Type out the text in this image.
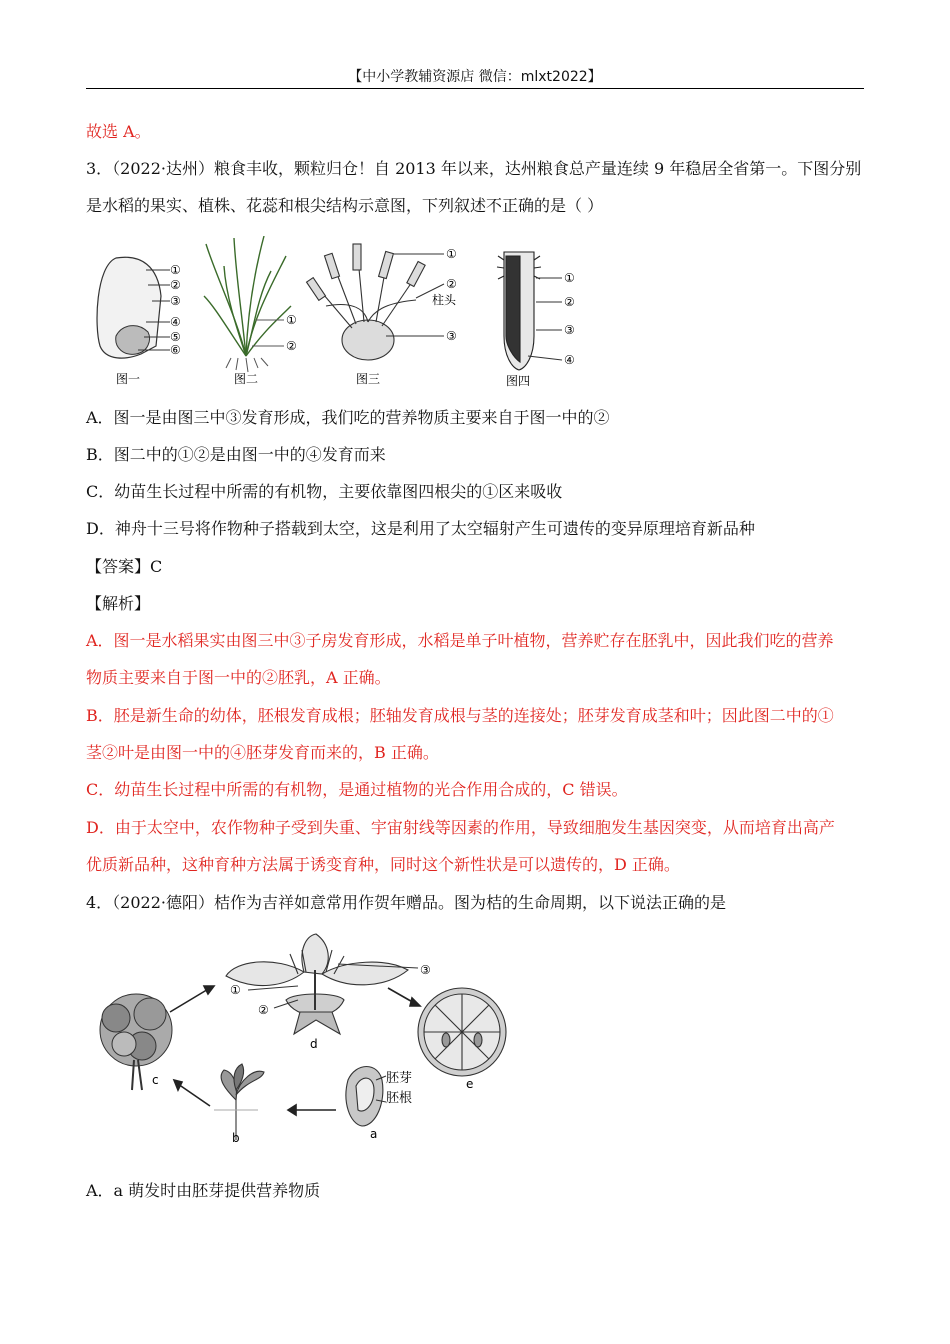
【中小学教辅资源店 微信：mlxt2022】
故选 A。
3．（2022·达州）粮食丰收，颗粒归仓！自 2013 年以来，达州粮食总产量连续 9 年稳居全省第一。下图分别
是水稻的果实、植株、花蕊和根尖结构示意图，下列叙述不正确的是（ ）
①
②
③
④
⑤
⑥
图一
①
②
图二
①
②
柱头
③
图三
①
②
③
④
图四
A．图一是由图三中③发育形成，我们吃的营养物质主要来自于图一中的②
B．图二中的①②是由图一中的④发育而来
C．幼苗生长过程中所需的有机物，主要依靠图四根尖的①区来吸收
D．神舟十三号将作物种子搭载到太空，这是利用了太空辐射产生可遗传的变异原理培育新品种
【答案】C
【解析】
A．图一是水稻果实由图三中③子房发育形成，水稻是单子叶植物，营养贮存在胚乳中，因此我们吃的营养
物质主要来自于图一中的②胚乳，A 正确。
B．胚是新生命的幼体，胚根发育成根；胚轴发育成根与茎的连接处；胚芽发育成茎和叶；因此图二中的①
茎②叶是由图一中的④胚芽发育而来的，B 正确。
C．幼苗生长过程中所需的有机物，是通过植物的光合作用合成的，C 错误。
D．由于太空中，农作物种子受到失重、宇宙射线等因素的作用，导致细胞发生基因突变，从而培育出高产
优质新品种，这种育种方法属于诱变育种，同时这个新性状是可以遗传的，D 正确。
4．（2022·德阳）桔作为吉祥如意常用作贺年赠品。图为桔的生命周期，以下说法正确的是
③
①
②
d
e
胚芽
胚根
a
b
c
A．a 萌发时由胚芽提供营养物质
